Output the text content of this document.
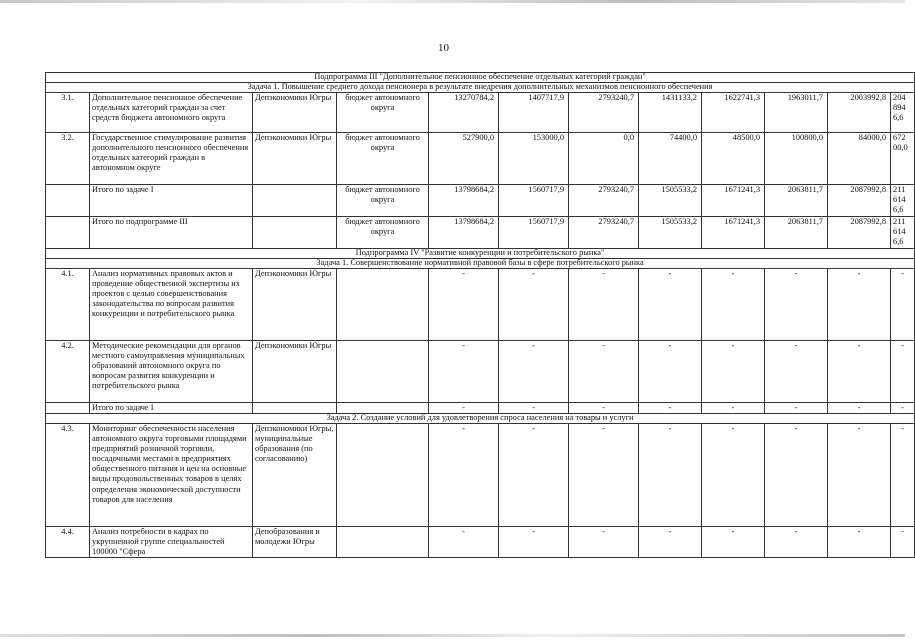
10
Подпрограмма III "Дополнительное пенсионное обеспечение отдельных категорий граждан"											
Задача 1. Повышение среднего дохода пенсионера в результате внедрения дополнительных механизмов пенсионного обеспечения											
3.1.	Дополнительное пенсионное обеспечение отдельных категорий граждан за счет средств бюджета автономного округа	Депэкономики Югры	бюджет автономного округа	13270784,2	1407717,9	2793240,7	1431133,2	1622741,3	1963011,7	2003992,8	204 894 6,6
3.2.	Государственное стимулирование развития дополнительного пенсионного обеспечения отдельных категорий граждан в автономном округе	Депэкономики Югры	бюджет автономного округа	527900,0	153000,0	0,0	74400,0	48500,0	100800,0	84000,0	672 00,0
	Итого по задаче I		бюджет автономного округа	13798684,2	1560717,9	2793240,7	1505533,2	1671241,3	2063811,7	2087992,8	211 614 6,6
	Итого по подпрограмме III		бюджет автономного округа	13798684,2	1560717,9	2793240,7	1505533,2	1671241,3	2063811,7	2087992,8	211 614 6,6
Подпрограмма IV "Развитие конкуренции и потребительского рынка"											
Задача 1. Совершенствование нормативной правовой базы в сфере потребительского рынка											
4.1.	Анализ нормативных правовых актов и проведение общественной экспертизы их проектов с целью совершенствования законодательства по вопросам развития конкуренции и потребительского рынка	Депэкономики Югры		-	-	-	-	-	-	-	-
4.2.	Методические рекомендации для органов местного самоуправления муниципальных образований автономного округа по вопросам развития конкуренции и потребительского рынка	Депэкономики Югры		-	-	-	-	-	-	-	-
	Итого по задаче I			-	-	-	-	-	-	-	-
Задача 2. Создание условий для удовлетворения спроса населения на товары и услуги											
4.3.	Мониторинг обеспеченности населения автономного округа торговыми площадями предприятий розничной торговли, посадочными местами в предприятиях общественного питания и цен на основные виды продовольственных товаров в целях определения экономической доступности товаров для населения	Депэкономики Югры, муниципальные образования (по согласованию)		-	-	-	-	-	-	-	-
4.4.	Анализ потребности в кадрах по укрупненной группе специальностей 100000 "Сфера	Депобразования и молодежи Югры		-	-	-	-	-	-	-	-
